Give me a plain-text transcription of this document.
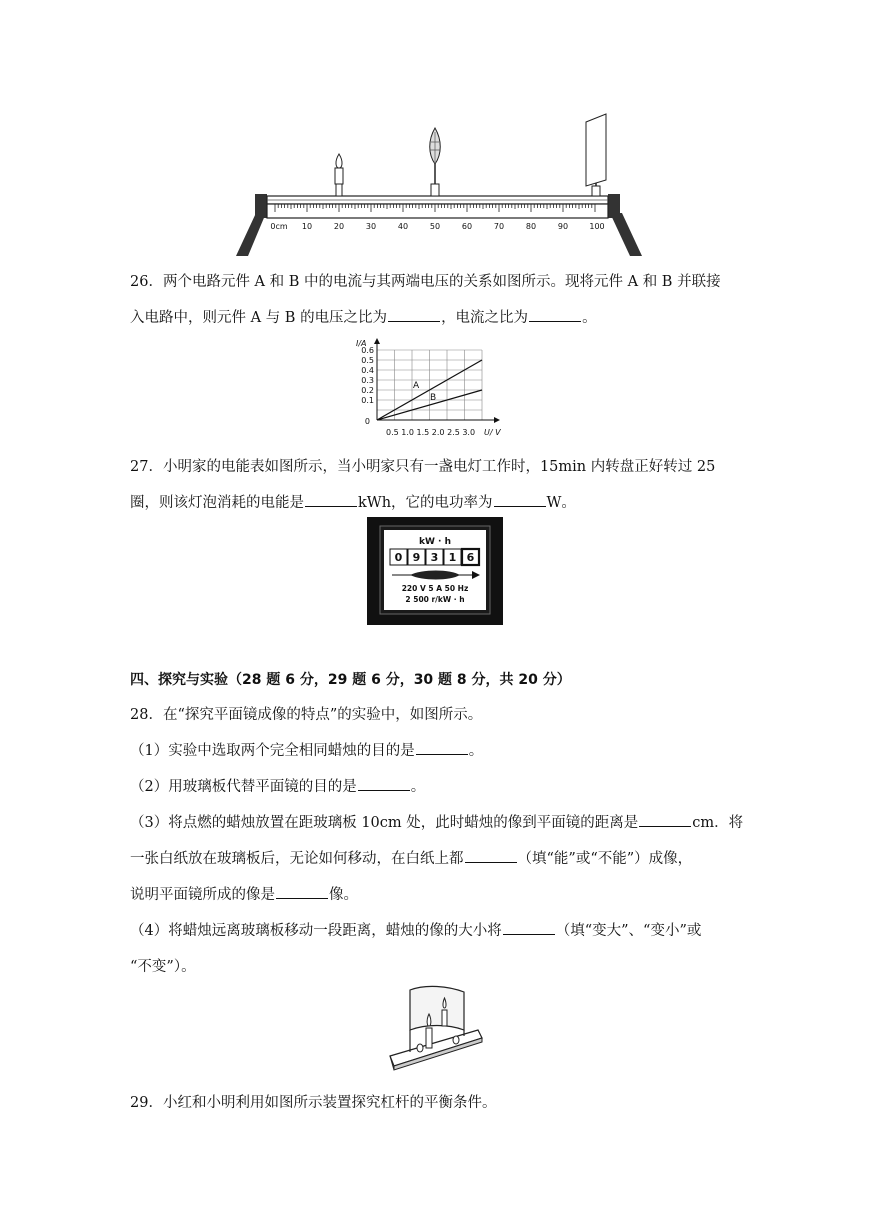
0cm 10	20	30	40	50	60	70	80	90	100
26．两个电路元件 A 和 B 中的电流与其两端电压的关系如图所示。现将元件 A 和 B 并联接
入电路中，则元件 A 与 B 的电压之比为	，电流之比为	。
A
B
0.6
0.5
0.4
0.3
0.2
0.1
0
I/A
0.5 1.0 1.5 2.0 2.5 3.0 U/ V
27．小明家的电能表如图所示，当小明家只有一盏电灯工作时，15min 内转盘正好转过 25
圈，则该灯泡消耗的电能是	kWh，它的电功率为	W。
kW · h
0 9 3 1 6
220 V 5 A 50 Hz
2 500 r/kW · h
四、探究与实验（28 题 6 分，29 题 6 分，30 题 8 分，共 20 分）
28．在“探究平面镜成像的特点”的实验中，如图所示。
（1）实验中选取两个完全相同蜡烛的目的是	。
（2）用玻璃板代替平面镜的目的是	。
（3）将点燃的蜡烛放置在距玻璃板 10cm 处，此时蜡烛的像到平面镜的距离是	cm．将
一张白纸放在玻璃板后，无论如何移动，在白纸上都	（填“能”或“不能”）成像，
说明平面镜所成的像是	像。
（4）将蜡烛远离玻璃板移动一段距离，蜡烛的像的大小将	（填“变大”、“变小”或
“不变”）。
29．小红和小明利用如图所示装置探究杠杆的平衡条件。
